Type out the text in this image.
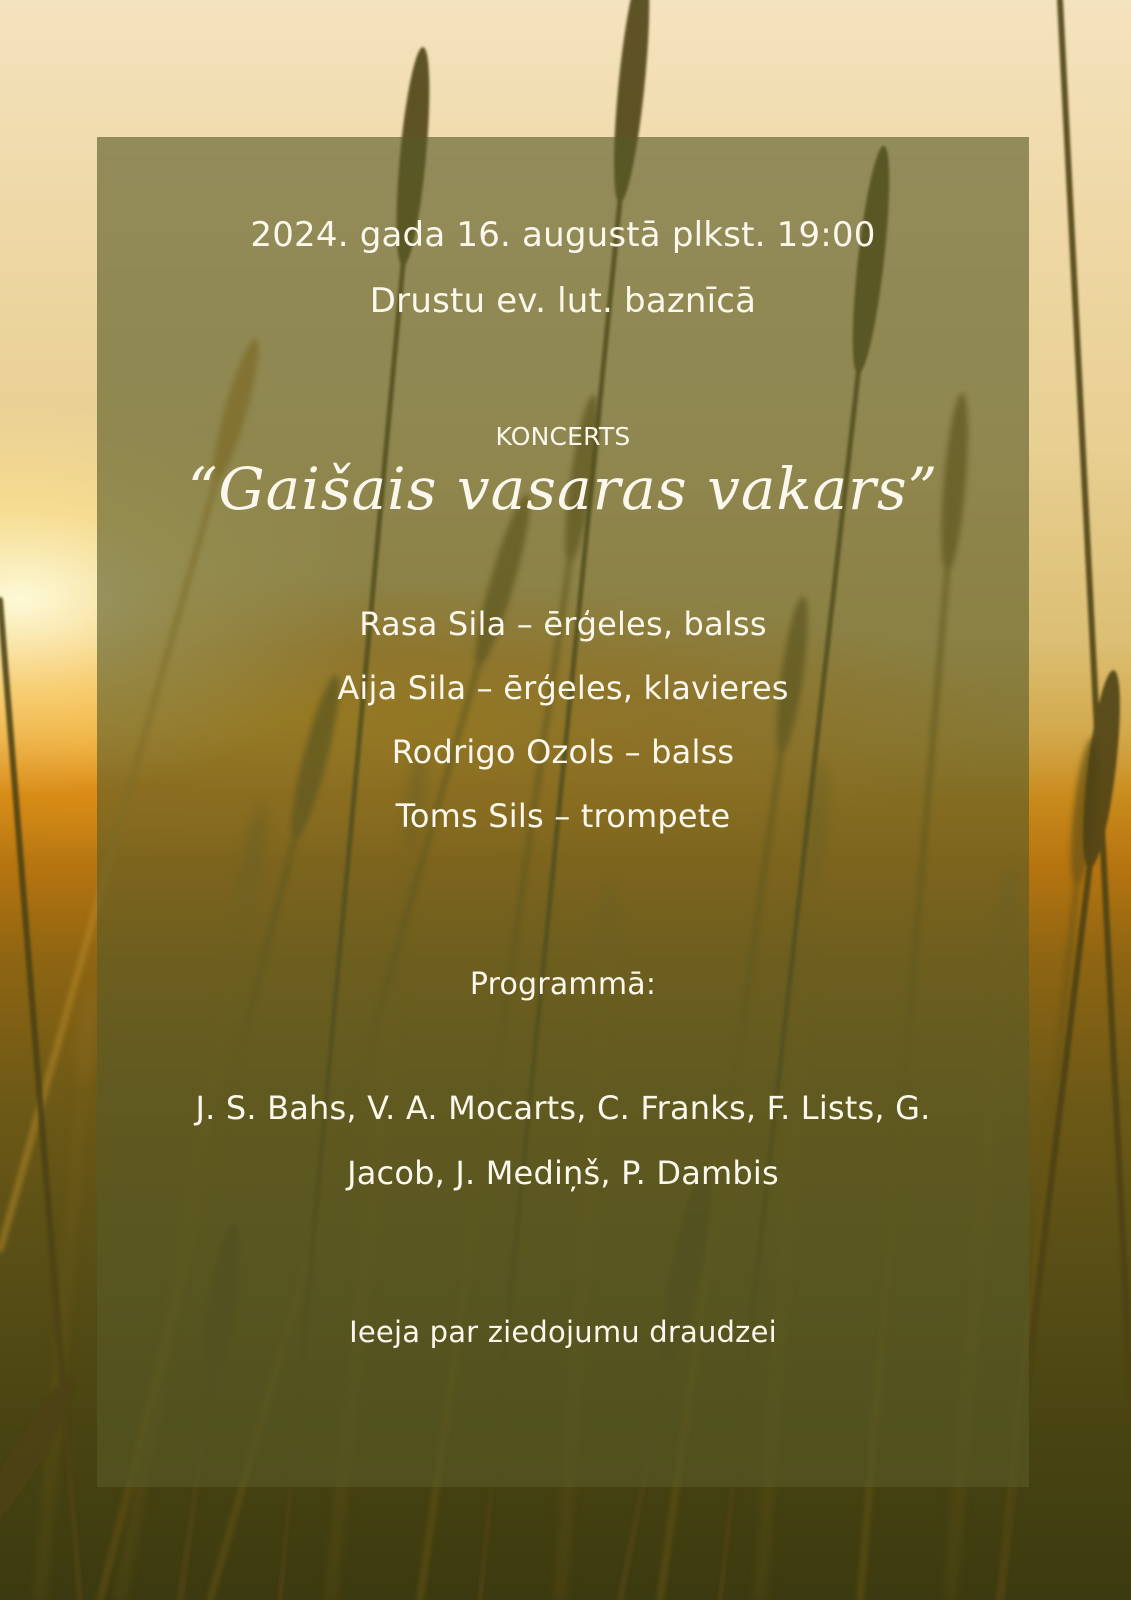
2024. gada 16. augustā plkst. 19:00
Drustu ev. lut. baznīcā
KONCERTS
“Gaišais vasaras vakars”
Rasa Sila – ērģeles, balss
Aija Sila – ērģeles, klavieres
Rodrigo Ozols – balss
Toms Sils – trompete
Programmā:
J. S. Bahs, V. A. Mocarts, C. Franks, F. Lists, G.
Jacob, J. Mediņš, P. Dambis
Ieeja par ziedojumu draudzei
